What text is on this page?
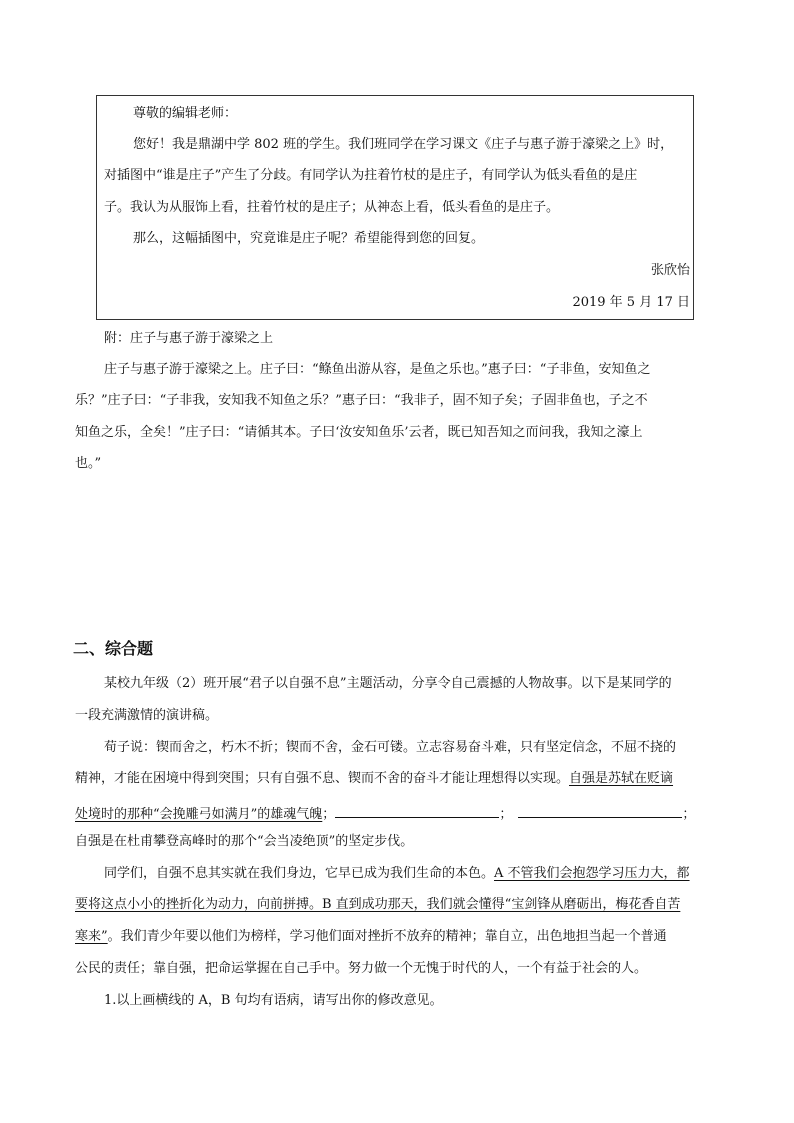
尊敬的编辑老师：
您好！我是鼎湖中学 802 班的学生。我们班同学在学习课文《庄子与惠子游于濠梁之上》时，
对插图中“谁是庄子”产生了分歧。有同学认为拄着竹杖的是庄子，有同学认为低头看鱼的是庄
子。我认为从服饰上看，拄着竹杖的是庄子；从神态上看，低头看鱼的是庄子。
那么，这幅插图中，究竟谁是庄子呢？希望能得到您的回复。
张欣怡
2019 年 5 月 17 日
附：庄子与惠子游于濠梁之上
庄子与惠子游于濠梁之上。庄子曰：“鲦鱼出游从容，是鱼之乐也。”惠子曰：“子非鱼，安知鱼之
乐？”庄子曰：“子非我，安知我不知鱼之乐？”惠子曰：“我非子，固不知子矣；子固非鱼也，子之不
知鱼之乐，全矣！”庄子曰：“请循其本。子曰‘汝安知鱼乐’云者，既已知吾知之而问我，我知之濠上
也。”
二、综合题
某校九年级（2）班开展“君子以自强不息”主题活动，分享令自己震撼的人物故事。以下是某同学的
一段充满激情的演讲稿。
荀子说：锲而舍之，朽木不折；锲而不舍，金石可镂。立志容易奋斗难，只有坚定信念，不屈不挠的
精神，才能在困境中得到突围；只有自强不息、锲而不舍的奋斗才能让理想得以实现。自强是苏轼在贬谪
处境时的那种“会挽雕弓如满月”的雄魂气魄；	；	；
自强是在杜甫攀登高峰时的那个“会当凌绝顶”的坚定步伐。
同学们，自强不息其实就在我们身边，它早已成为我们生命的本色。A 不管我们会抱怨学习压力大，都
要将这点小小的挫折化为动力，向前拼搏。B 直到成功那天，我们就会懂得“宝剑锋从磨砺出，梅花香自苦
寒来”。我们青少年要以他们为榜样，学习他们面对挫折不放弃的精神；靠自立，出色地担当起一个普通
公民的责任；靠自强，把命运掌握在自己手中。努力做一个无愧于时代的人，一个有益于社会的人。
1.以上画横线的 A，B 句均有语病，请写出你的修改意见。
